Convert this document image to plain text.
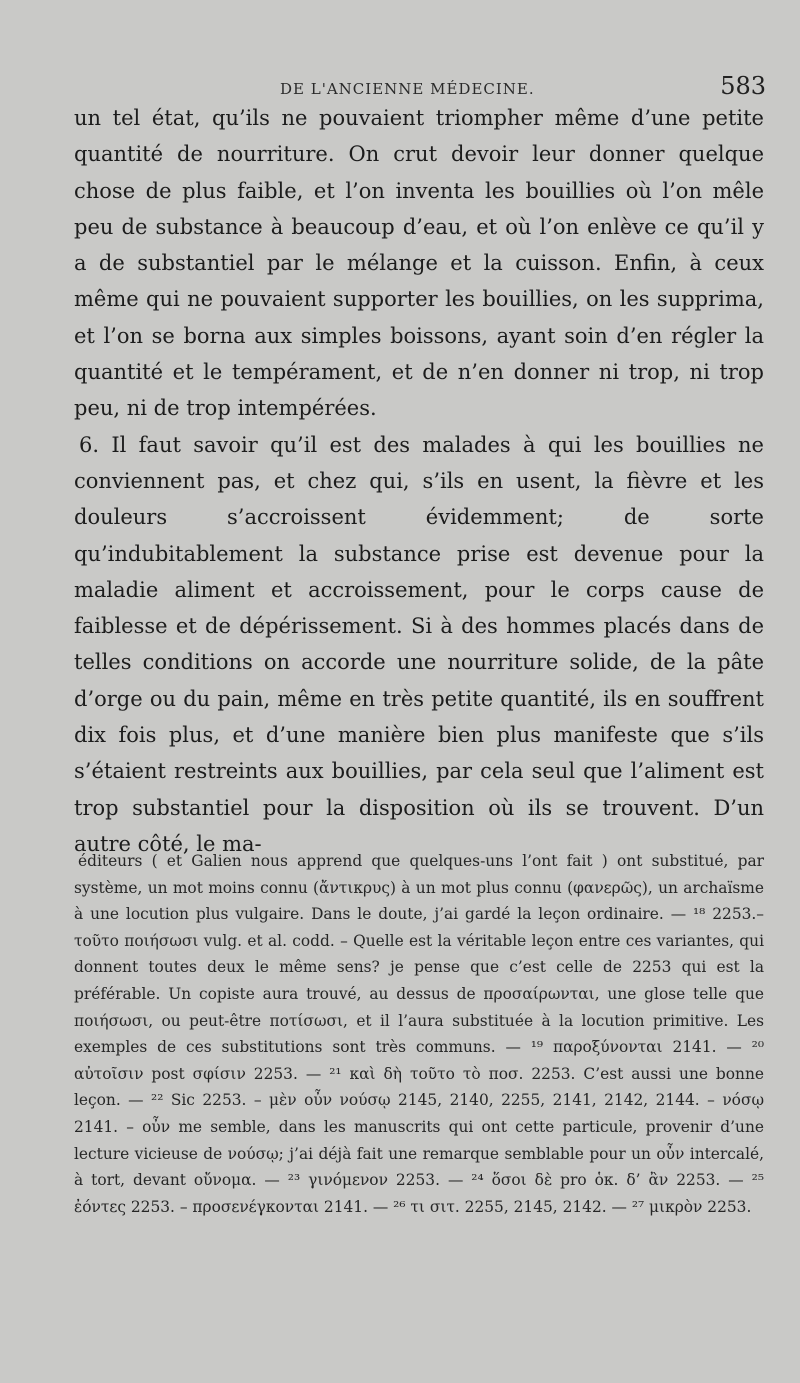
DE L'ANCIENNE MÉDECINE.	583

un tel état, qu’ils ne pouvaient triompher même d’une petite quantité de nourriture. On crut devoir leur donner quelque chose de plus faible, et l’on inventa les bouillies où l’on mêle peu de substance à beaucoup d’eau, et où l’on enlève ce qu’il y a de substantiel par le mélange et la cuisson. Enfin, à ceux même qui ne pouvaient supporter les bouillies, on les supprima, et l’on se borna aux simples boissons, ayant soin d’en régler la quantité et le tempérament, et de n’en donner ni trop, ni trop peu, ni de trop intempérées.

6. Il faut savoir qu’il est des malades à qui les bouillies ne conviennent pas, et chez qui, s’ils en usent, la fièvre et les douleurs s’accroissent évidemment; de sorte qu’indubitablement la substance prise est devenue pour la maladie aliment et accroissement, pour le corps cause de faiblesse et de dépérissement. Si à des hommes placés dans de telles conditions on accorde une nourriture solide, de la pâte d’orge ou du pain, même en très petite quantité, ils en souffrent dix fois plus, et d’une manière bien plus manifeste que s’ils s’étaient restreints aux bouillies, par cela seul que l’aliment est trop substantiel pour la disposition où ils se trouvent. D’un autre côté, le ma-

éditeurs ( et Galien nous apprend que quelques-uns l’ont fait ) ont substitué, par système, un mot moins connu (ἄντικρυς) à un mot plus connu (φανερῶς), un archaïsme à une locution plus vulgaire. Dans le doute, j’ai gardé la leçon ordinaire. — ¹⁸ 2253.– τοῦτο ποιήσωσι vulg. et al. codd. – Quelle est la véritable leçon entre ces variantes, qui donnent toutes deux le même sens? je pense que c’est celle de 2253 qui est la préférable. Un copiste aura trouvé, au dessus de προσαίρωνται, une glose telle que ποιήσωσι, ou peut-être ποτίσωσι, et il l’aura substituée à la locution primitive. Les exemples de ces substitutions sont très communs. — ¹⁹ παροξύνονται 2141. — ²⁰ αὐτοῖσιν post σφίσιν 2253. — ²¹ καὶ δὴ τοῦτο τὸ ποσ. 2253. C’est aussi une bonne leçon. — ²² Sic 2253. – μὲν οὖν νούσῳ 2145, 2140, 2255, 2141, 2142, 2144. – νόσῳ 2141. – οὖν me semble, dans les manuscrits qui ont cette particule, provenir d’une lecture vicieuse de νούσῳ; j’ai déjà fait une remarque semblable pour un οὖν intercalé, à tort, devant οὔνομα. — ²³ γινόμενον 2253. — ²⁴ ὅσοι δὲ pro ὁκ. δ’ ἂν 2253. — ²⁵ ἐόντες 2253. – προσενέγκονται 2141. — ²⁶ τι σιτ. 2255, 2145, 2142. — ²⁷ μικρὸν 2253.
